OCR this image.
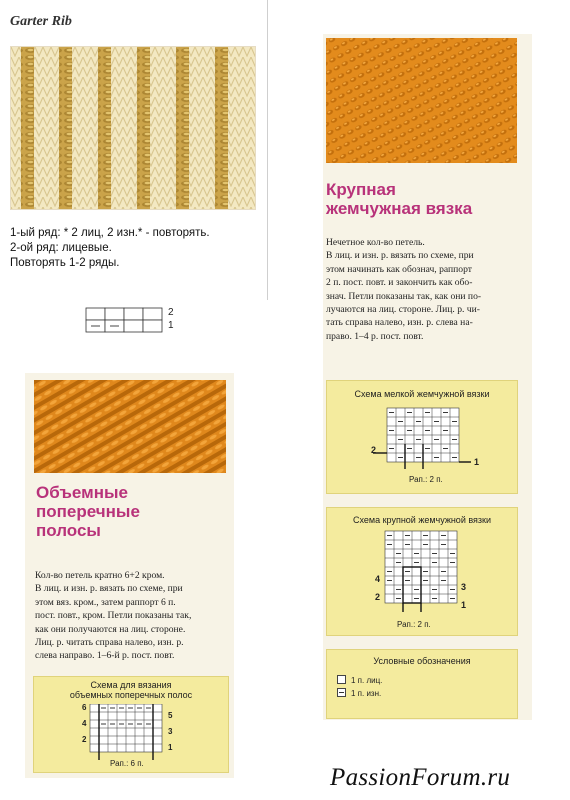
Garter Rib
1-ый ряд: * 2 лиц, 2 изн.* - повторять.
2-ой ряд: лицевые.
Повторять 1-2 ряды.
2
1
Крупная
жемчужная вязка
Нечетное кол-во петель.
В лиц. и изн. р. вязать по схеме, при
этом начинать как обознач, раппорт
2 п. пост. повт. и закончить как обо-
знач. Петли показаны так, как они по-
лучаются на лиц. стороне. Лиц. р. чи-
тать справа налево, изн. р. слева на-
право. 1–4 р. пост. повт.
Схема мелкой жемчужной вязки
2
1
Рап.: 2 п.
Схема крупной жемчужной вязки
4
2
3
1
Рап.: 2 п.
Условные обозначения
1 п. лиц.
1 п. изн.
Объемные
поперечные
полосы
Кол-во петель кратно 6+2 кром.
В лиц. и изн. р. вязать по схеме, при
этом вяз. кром., затем раппорт 6 п.
пост. повт., кром. Петли показаны так,
как они получаются на лиц. стороне.
Лиц. р. читать справа налево, изн. р.
слева направо. 1–6-й р. пост. повт.
Схема для вязания
объемных поперечных полос
6
4
2
5
3
1
Рап.: 6 п.
PassionForum.ru
